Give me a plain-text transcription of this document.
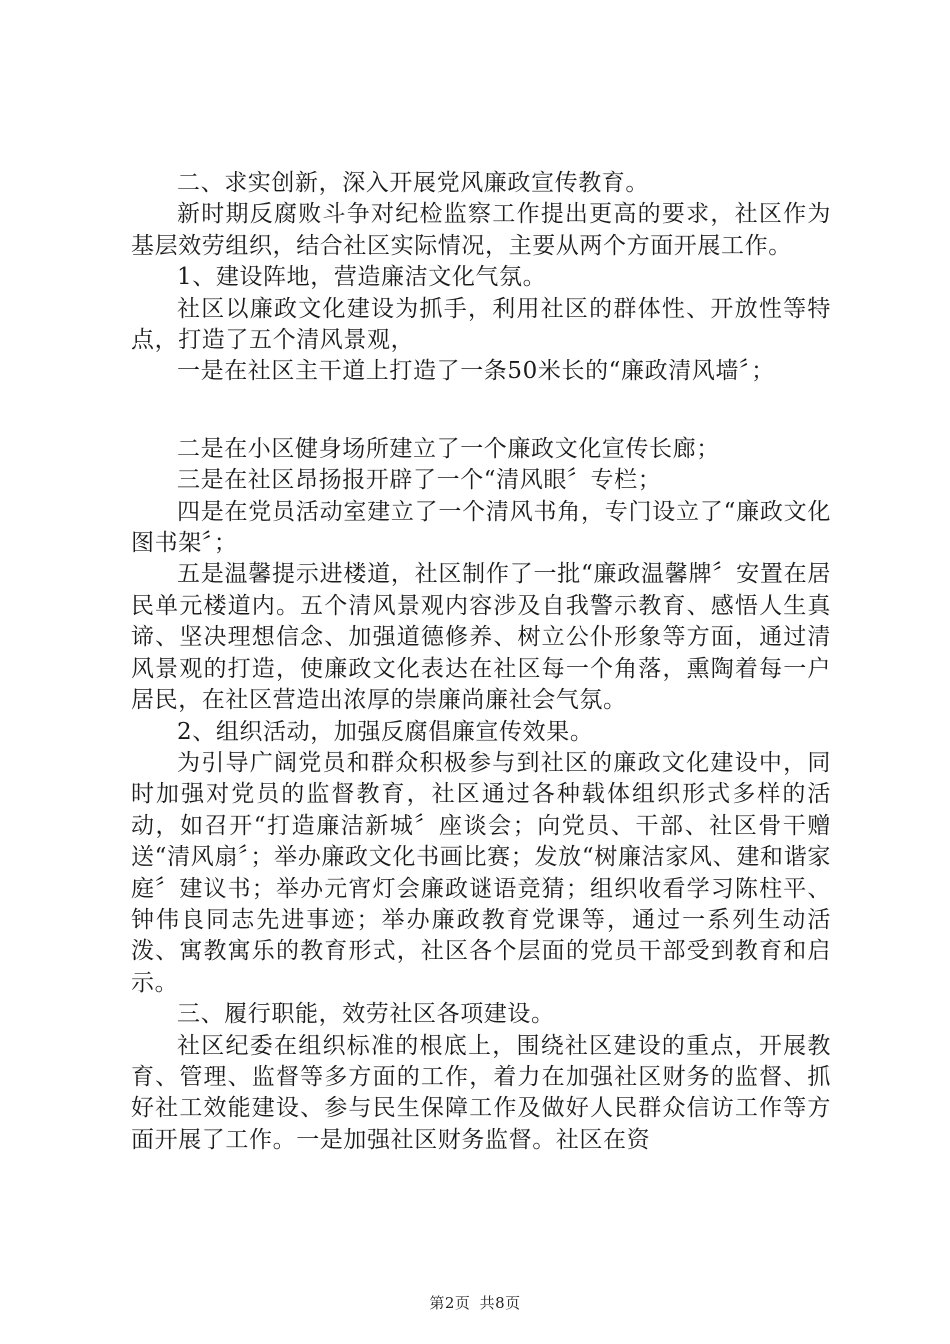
二、求实创新，深入开展党风廉政宣传教育。

新时期反腐败斗争对纪检监察工作提出更高的要求，社区作为基层效劳组织，结合社区实际情况，主要从两个方面开展工作。

1、建设阵地，营造廉洁文化气氛。

社区以廉政文化建设为抓手，利用社区的群体性、开放性等特点，打造了五个清风景观，

一是在社区主干道上打造了一条50米长的“廉政清风墙〞；

二是在小区健身场所建立了一个廉政文化宣传长廊；

三是在社区昂扬报开辟了一个“清风眼〞专栏；

四是在党员活动室建立了一个清风书角，专门设立了“廉政文化图书架〞；

五是温馨提示进楼道，社区制作了一批“廉政温馨牌〞安置在居民单元楼道内。五个清风景观内容涉及自我警示教育、感悟人生真谛、坚决理想信念、加强道德修养、树立公仆形象等方面，通过清风景观的打造，使廉政文化表达在社区每一个角落，熏陶着每一户居民，在社区营造出浓厚的崇廉尚廉社会气氛。

2、组织活动，加强反腐倡廉宣传效果。

为引导广阔党员和群众积极参与到社区的廉政文化建设中，同时加强对党员的监督教育，社区通过各种载体组织形式多样的活动，如召开“打造廉洁新城〞座谈会；向党员、干部、社区骨干赠送“清风扇〞；举办廉政文化书画比赛；发放“树廉洁家风、建和谐家庭〞建议书；举办元宵灯会廉政谜语竞猜；组织收看学习陈柱平、钟伟良同志先进事迹；举办廉政教育党课等，通过一系列生动活泼、寓教寓乐的教育形式，社区各个层面的党员干部受到教育和启示。

三、履行职能，效劳社区各项建设。

社区纪委在组织标准的根底上，围绕社区建设的重点，开展教育、管理、监督等多方面的工作，着力在加强社区财务的监督、抓好社工效能建设、参与民生保障工作及做好人民群众信访工作等方面开展了工作。一是加强社区财务监督。社区在资

第2页 共8页
